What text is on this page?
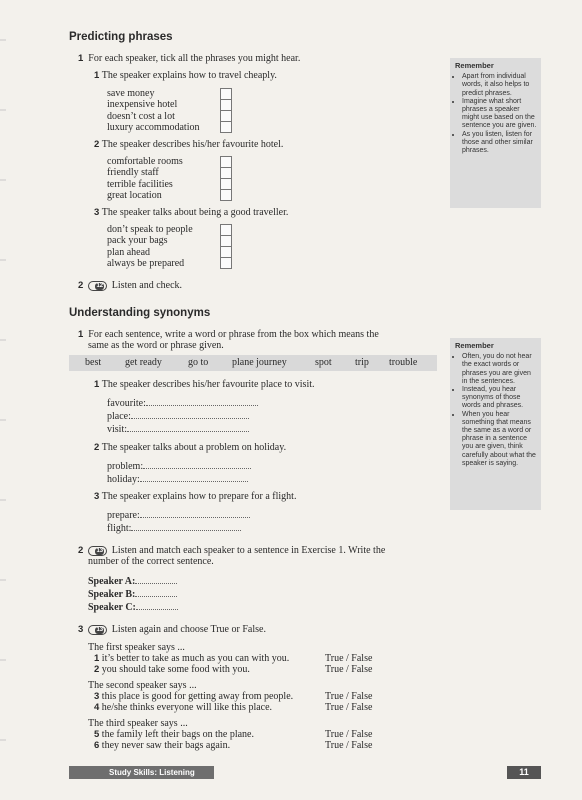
Predicting phrases
1 For each speaker, tick all the phrases you might hear.
1 The speaker explains how to travel cheaply.
save money
inexpensive hotel
doesn’t cost a lot
luxury accommodation
2 The speaker describes his/her favourite hotel.
comfortable rooms
friendly staff
terrible facilities
great location
3 The speaker talks about being a good traveller.
don’t speak to people
pack your bags
plan ahead
always be prepared
2 12 Listen and check.
Remember
• Apart from individual words, it also helps to predict phrases.
• Imagine what short phrases a speaker might use based on the sentence you are given.
• As you listen, listen for those and other similar phrases.
Understanding synonyms
1 For each sentence, write a word or phrase from the box which means the
same as the word or phrase given.
best get ready	go to plane journey	spot trip trouble
1 The speaker describes his/her favourite place to visit.
favourite:
place:
visit:
2 The speaker talks about a problem on holiday.
problem:
holiday:
3 The speaker explains how to prepare for a flight.
prepare:
flight:
2 13 Listen and match each speaker to a sentence in Exercise 1. Write the
number of the correct sentence.
Speaker A:
Speaker B:
Speaker C:
3 13 Listen again and choose True or False.
The first speaker says ...
1 it’s better to take as much as you can with you.	True / False
2 you should take some food with you.	True / False
The second speaker says ...
3 this place is good for getting away from people.	True / False
4 he/she thinks everyone will like this place.	True / False
The third speaker says ...
5 the family left their bags on the plane.	True / False
6 they never saw their bags again.	True / False
Remember
• Often, you do not hear the exact words or phrases you are given in the sentences.
• Instead, you hear synonyms of those words and phrases.
• When you hear something that means the same as a word or phrase in a sentence you are given, think carefully about what the speaker is saying.
Study Skills: Listening	11
